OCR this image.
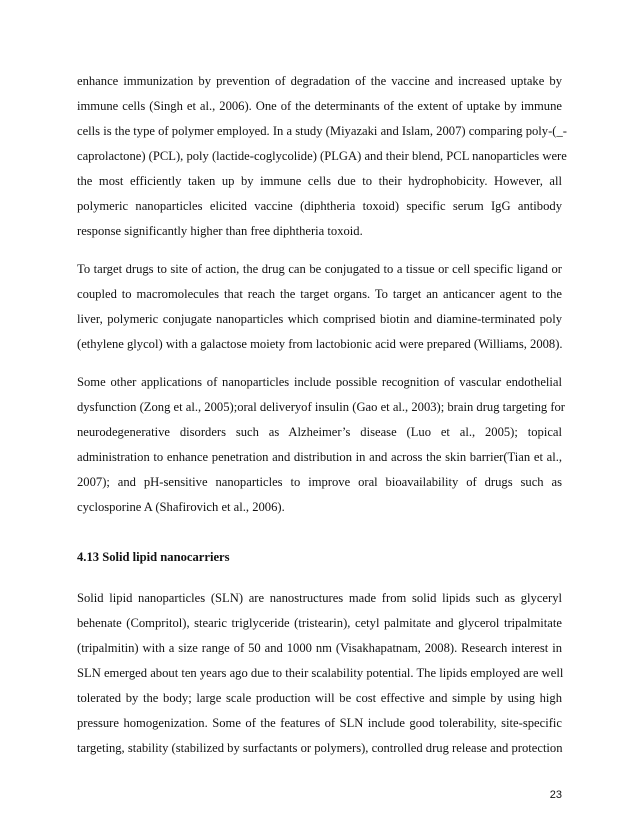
enhance immunization by prevention of degradation of the vaccine and increased uptake by
immune cells (Singh et al., 2006). One of the determinants of the extent of uptake by immune
cells is the type of polymer employed. In a study (Miyazaki and Islam, 2007) comparing poly-(_-
caprolactone) (PCL), poly (lactide-coglycolide) (PLGA) and their blend, PCL nanoparticles were
the most efficiently taken up by immune cells due to their hydrophobicity. However, all
polymeric nanoparticles elicited vaccine (diphtheria toxoid) specific serum IgG antibody
response significantly higher than free diphtheria toxoid.
To target drugs to site of action, the drug can be conjugated to a tissue or cell specific ligand or
coupled to macromolecules that reach the target organs. To target an anticancer agent to the
liver, polymeric conjugate nanoparticles which comprised biotin and diamine-terminated poly
(ethylene glycol) with a galactose moiety from lactobionic acid were prepared (Williams, 2008).
Some other applications of nanoparticles include possible recognition of vascular endothelial
dysfunction (Zong et al., 2005);oral deliveryof insulin (Gao et al., 2003); brain drug targeting for
neurodegenerative disorders such as Alzheimer’s disease (Luo et al., 2005); topical
administration to enhance penetration and distribution in and across the skin barrier(Tian et al.,
2007); and pH-sensitive nanoparticles to improve oral bioavailability of drugs such as
cyclosporine A (Shafirovich et al., 2006).
4.13 Solid lipid nanocarriers
Solid lipid nanoparticles (SLN) are nanostructures made from solid lipids such as glyceryl
behenate (Compritol), stearic triglyceride (tristearin), cetyl palmitate and glycerol tripalmitate
(tripalmitin) with a size range of 50 and 1000 nm (Visakhapatnam, 2008). Research interest in
SLN emerged about ten years ago due to their scalability potential. The lipids employed are well
tolerated by the body; large scale production will be cost effective and simple by using high
pressure homogenization. Some of the features of SLN include good tolerability, site-specific
targeting, stability (stabilized by surfactants or polymers), controlled drug release and protection
23
